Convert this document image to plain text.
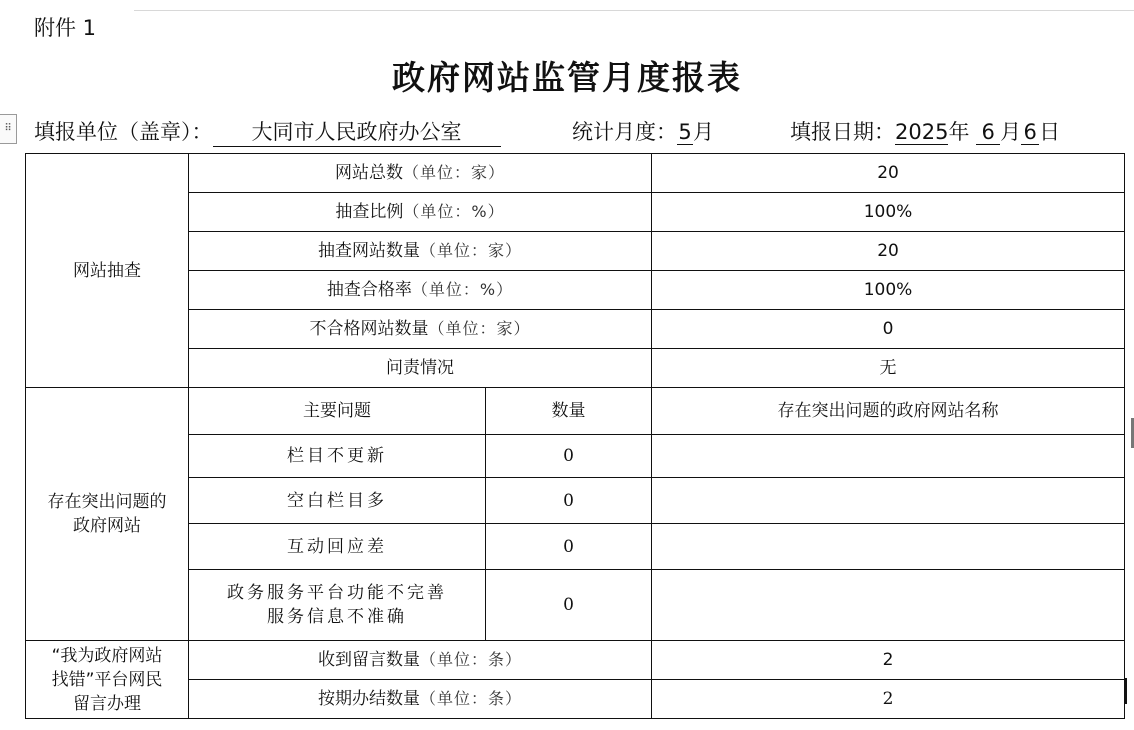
附件 1
政府网站监管月度报表
⠿ 填报单位（盖章）： 大同市人民政府办公室	统计月度：5月	填报日期：2025年 6 月 6 日
网站抽查	网站总数（单位：家）		20
	抽查比例（单位：%）		100%
	抽查网站数量（单位：家）		20
	抽查合格率（单位：%）		100%
	不合格网站数量（单位：家）		0
	问责情况		无

存在突出问题的
政府网站	主要问题	数量	存在突出问题的政府网站名称
	栏目不更新	0	
	空白栏目多	0	
	互动回应差	0	

	政务服务平台功能不完善
服务信息不准确	0	

“我为政府网站
找错”平台网民
留言办理	收到留言数量（单位：条）		2
	按期办结数量（单位：条）		2
